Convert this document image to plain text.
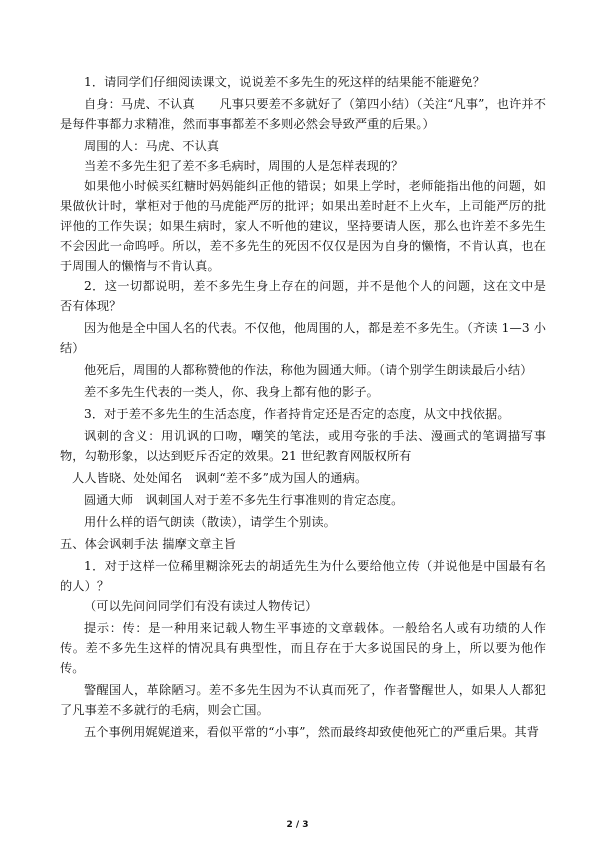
1．请同学们仔细阅读课文，说说差不多先生的死这样的结果能不能避免？

自身：马虎、不认真　　凡事只要差不多就好了（第四小结）（关注“凡事”，也许并不是每件事都力求精准，然而事事都差不多则必然会导致严重的后果。）

周围的人：马虎、不认真

当差不多先生犯了差不多毛病时，周围的人是怎样表现的？

如果他小时候买红糖时妈妈能纠正他的错误；如果上学时，老师能指出他的问题，如果做伙计时，掌柜对于他的马虎能严厉的批评；如果出差时赶不上火车，上司能严厉的批评他的工作失误；如果生病时，家人不听他的建议，坚持要请人医，那么也许差不多先生不会因此一命呜呼。所以，差不多先生的死因不仅仅是因为自身的懒惰，不肯认真，也在于周围人的懒惰与不肯认真。

2．这一切都说明，差不多先生身上存在的问题，并不是他个人的问题，这在文中是否有体现？

因为他是全中国人名的代表。不仅他，他周围的人，都是差不多先生。（齐读 1—3 小结）

他死后，周围的人都称赞他的作法，称他为圆通大师。（请个别学生朗读最后小结）

差不多先生代表的一类人，你、我身上都有他的影子。

3．对于差不多先生的生活态度，作者持肯定还是否定的态度，从文中找依据。

讽刺的含义：用讥讽的口吻，嘲笑的笔法，或用夸张的手法、漫画式的笔调描写事物，勾勒形象，以达到贬斥否定的效果。21 世纪教育网版权所有

人人皆晓、处处闻名　讽刺“差不多”成为国人的通病。

圆通大师　讽刺国人对于差不多先生行事准则的肯定态度。

用什么样的语气朗读（散读），请学生个别读。

五、体会讽刺手法 揣摩文章主旨

1．对于这样一位稀里糊涂死去的胡适先生为什么要给他立传（并说他是中国最有名的人）？

（可以先问问同学们有没有读过人物传记）

提示：传：是一种用来记载人物生平事迹的文章载体。一般给名人或有功绩的人作传。差不多先生这样的情况具有典型性，而且存在于大多说国民的身上，所以要为他作传。

警醒国人，革除陋习。差不多先生因为不认真而死了，作者警醒世人，如果人人都犯了凡事差不多就行的毛病，则会亡国。

五个事例用娓娓道来，看似平常的“小事”，然而最终却致使他死亡的严重后果。其背

2 / 3
